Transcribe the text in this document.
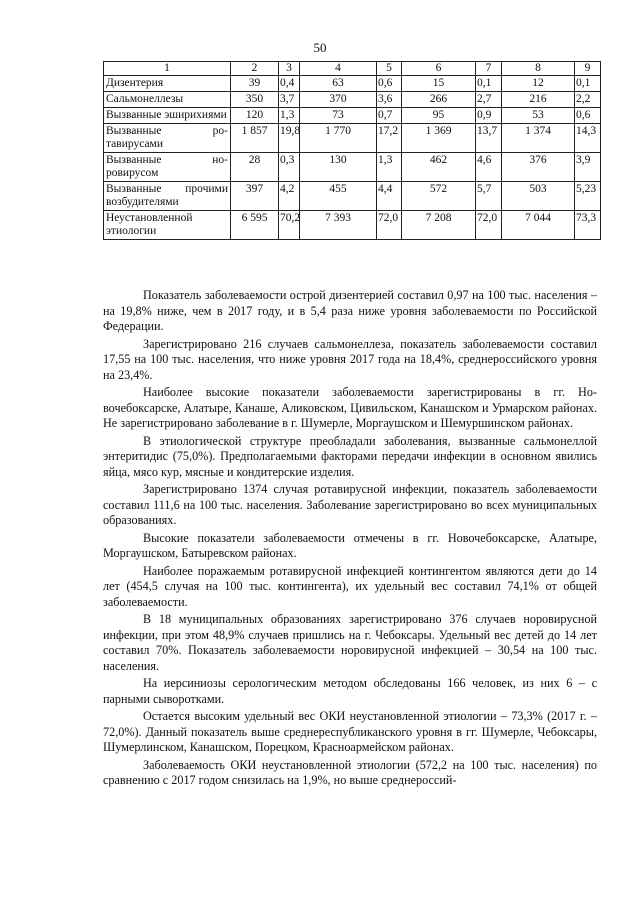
50
1	2	3	4	5	6	7	8	9
Дизентерия	39	0,4	63	0,6	15	0,1	12	0,1
Сальмонеллезы	350	3,7	370	3,6	266	2,7	216	2,2
Вызванные эширихиями	120	1,3	73	0,7	95	0,9	53	0,6
Вызванные ротавирусами	1 857	19,8	1 770	17,2	1 369	13,7	1 374	14,3
Вызванные норовирусом	28	0,3	130	1,3	462	4,6	376	3,9
Вызванные прочими возбудителями	397	4,2	455	4,4	572	5,7	503	5,23
Неустановленной этиологии	6 595	70,2	7 393	72,0	7 208	72,0	7 044	73,3

Показатель заболеваемости острой дизентерией составил 0,97 на 100 тыс. населения – на 19,8% ниже, чем в 2017 году, и в 5,4 раза ниже уровня заболеваемости по Российской Федерации.

Зарегистрировано 216 случаев сальмонеллеза, показатель заболеваемости составил 17,55 на 100 тыс. населения, что ниже уровня 2017 года на 18,4%, среднероссийского уровня на 23,4%.

Наиболее высокие показатели заболеваемости зарегистрированы в гг. Новочебоксарске, Алатыре, Канаше, Аликовском, Цивильском, Канашском и Урмарском районах. Не зарегистрировано заболевание в г. Шумерле, Моргаушском и Шемуршинском районах.

В этиологической структуре преобладали заболевания, вызванные сальмонеллой энтеритидис (75,0%). Предполагаемыми факторами передачи инфекции в основном явились яйца, мясо кур, мясные и кондитерские изделия.

Зарегистрировано 1374 случая ротавирусной инфекции, показатель заболеваемости составил 111,6 на 100 тыс. населения. Заболевание зарегистрировано во всех муниципальных образованиях.

Высокие показатели заболеваемости отмечены в гг. Новочебоксарске, Алатыре, Моргаушском, Батыревском районах.

Наиболее поражаемым ротавирусной инфекцией контингентом являются дети до 14 лет (454,5 случая на 100 тыс. контингента), их удельный вес составил 74,1% от общей заболеваемости.

В 18 муниципальных образованиях зарегистрировано 376 случаев норовирусной инфекции, при этом 48,9% случаев пришлись на г. Чебоксары. Удельный вес детей до 14 лет составил 70%. Показатель заболеваемости норовирусной инфекцией – 30,54 на 100 тыс. населения.

На иерсиниозы серологическим методом обследованы 166 человек, из них 6 – с парными сыворотками.

Остается высоким удельный вес ОКИ неустановленной этиологии – 73,3% (2017 г. – 72,0%). Данный показатель выше среднереспубликанского уровня в гг. Шумерле, Чебоксары, Шумерлинском, Канашском, Порецком, Красноармейском районах.

Заболеваемость ОКИ неустановленной этиологии (572,2 на 100 тыс. населения) по сравнению с 2017 годом снизилась на 1,9%, но выше среднероссий-
